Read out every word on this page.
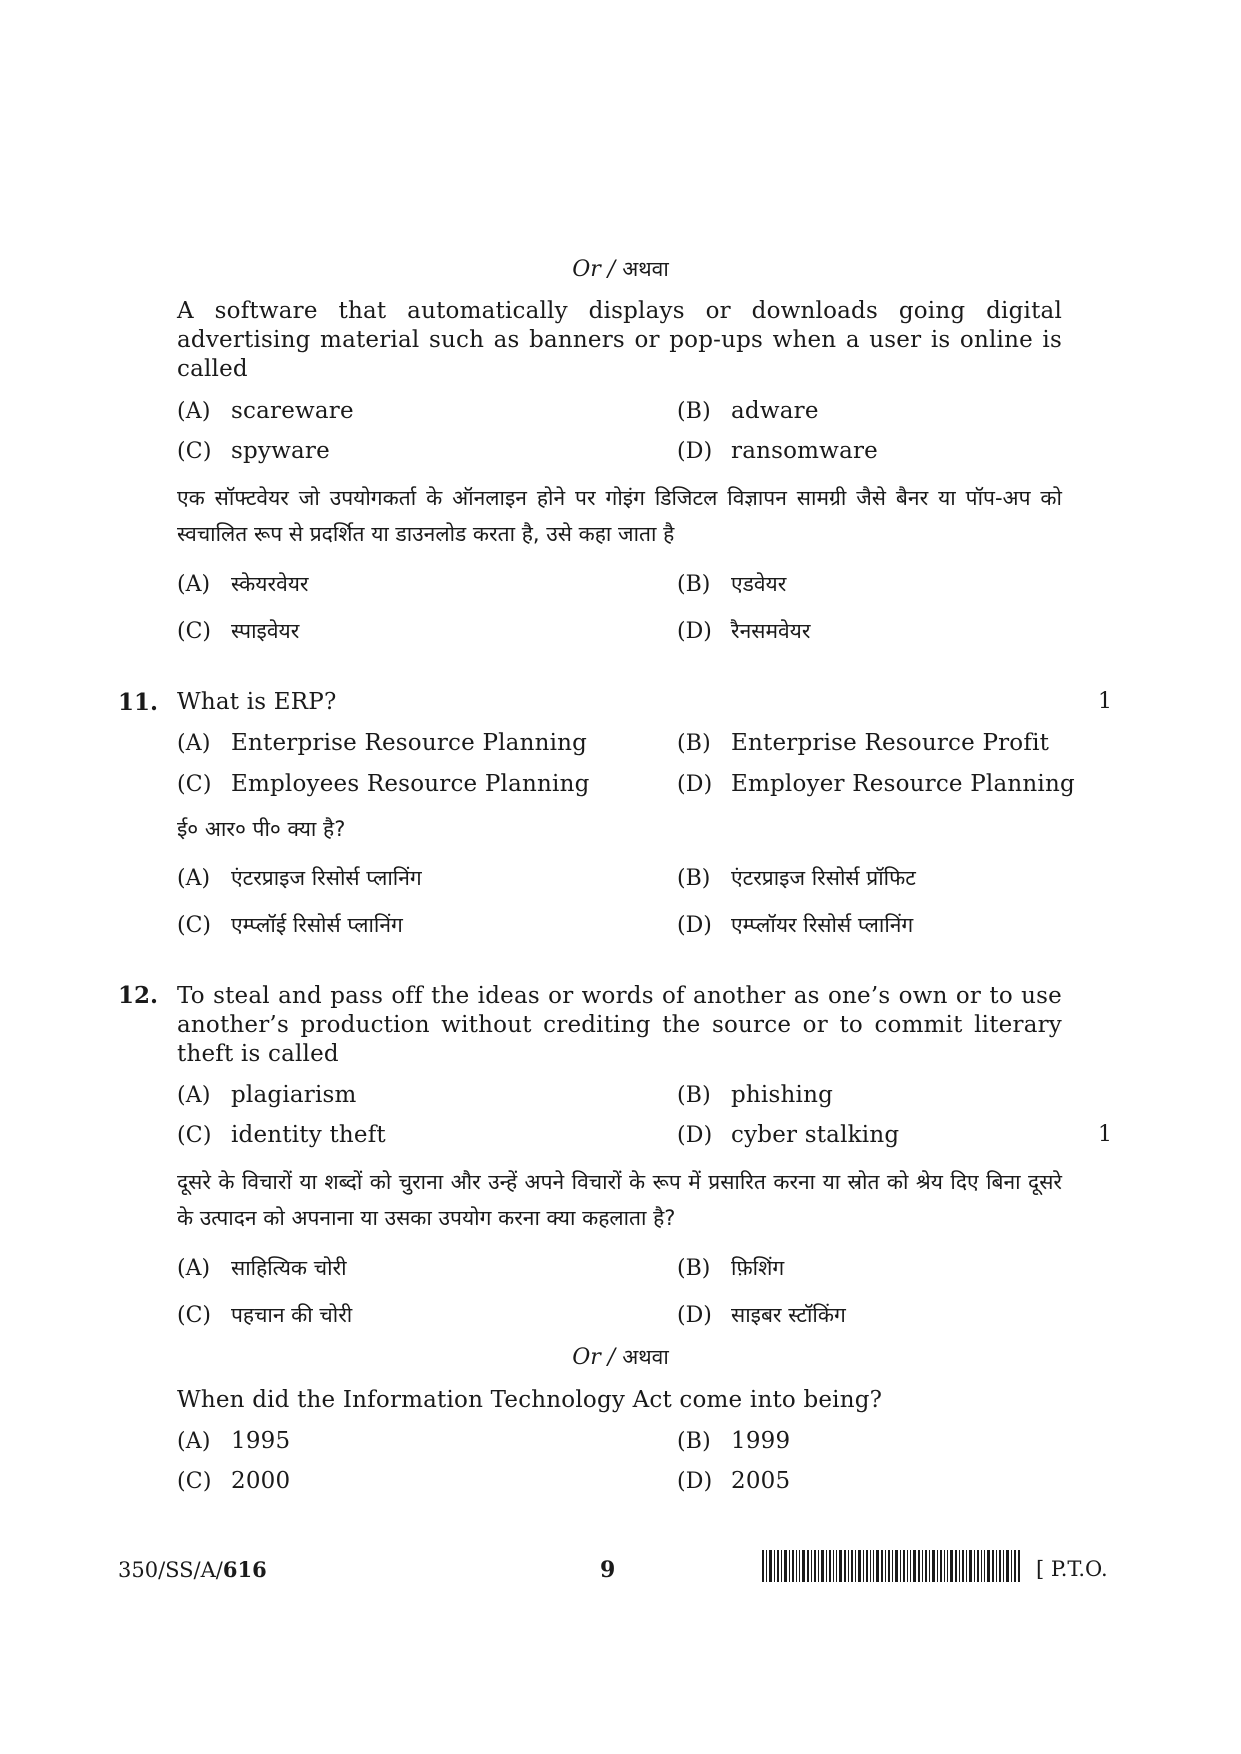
Or / अथवा
A software that automatically displays or downloads going digital advertising material such as banners or pop-ups when a user is online is called
(A) scareware	(B) adware
(C) spyware	(D) ransomware
एक सॉफ्टवेयर जो उपयोगकर्ता के ऑनलाइन होने पर गोइंग डिजिटल विज्ञापन सामग्री जैसे बैनर या पॉप-अप को स्वचालित रूप से प्रदर्शित या डाउनलोड करता है, उसे कहा जाता है
(A) स्केयरवेयर	(B) एडवेयर
(C) स्पाइवेयर	(D) रैनसमवेयर
11. What is ERP?	1
(A) Enterprise Resource Planning	(B) Enterprise Resource Profit
(C) Employees Resource Planning	(D) Employer Resource Planning
ई० आर० पी० क्या है?
(A) एंटरप्राइज रिसोर्स प्लानिंग	(B) एंटरप्राइज रिसोर्स प्रॉफिट
(C) एम्प्लॉई रिसोर्स प्लानिंग	(D) एम्प्लॉयर रिसोर्स प्लानिंग
12. To steal and pass off the ideas or words of another as one’s own or to use another’s production without crediting the source or to commit literary theft is called
(A) plagiarism	(B) phishing
(C) identity theft	(D) cyber stalking	1
दूसरे के विचारों या शब्दों को चुराना और उन्हें अपने विचारों के रूप में प्रसारित करना या स्रोत को श्रेय दिए बिना दूसरे के उत्पादन को अपनाना या उसका उपयोग करना क्या कहलाता है?
(A) साहित्यिक चोरी	(B) फ़िशिंग
(C) पहचान की चोरी	(D) साइबर स्टॉकिंग
Or / अथवा
When did the Information Technology Act come into being?
(A) 1995	(B) 1999
(C) 2000	(D) 2005
350/SS/A/616	9	[ P.T.O.
